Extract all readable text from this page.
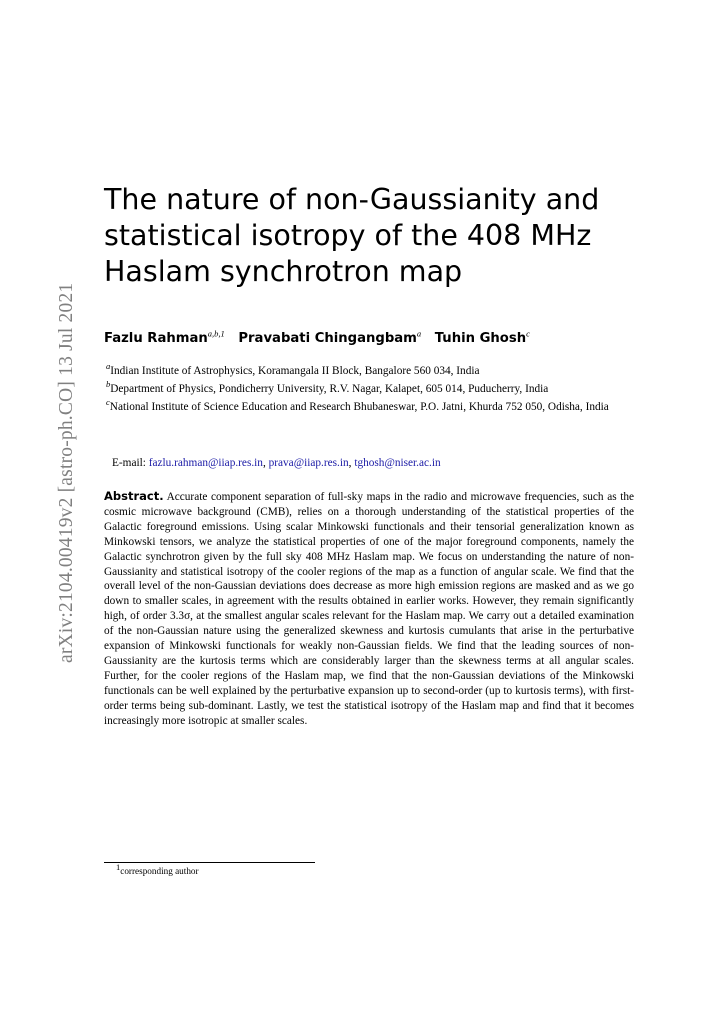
arXiv:2104.00419v2 [astro-ph.CO] 13 Jul 2021
The nature of non-Gaussianity and statistical isotropy of the 408 MHz Haslam synchrotron map
Fazlu Rahman$^{a,b,1}$ Pravabati Chingangbam$^a$ Tuhin Ghosh$^c$
$^a$Indian Institute of Astrophysics, Koramangala II Block, Bangalore 560 034, India
$^b$Department of Physics, Pondicherry University, R.V. Nagar, Kalapet, 605 014, Puducherry, India
$^c$National Institute of Science Education and Research Bhubaneswar, P.O. Jatni, Khurda 752 050, Odisha, India
E-mail: fazlu.rahman@iiap.res.in, prava@iiap.res.in, tghosh@niser.ac.in

Abstract. Accurate component separation of full-sky maps in the radio and microwave frequencies, such as the cosmic microwave background (CMB), relies on a thorough understanding of the statistical properties of the Galactic foreground emissions. Using scalar Minkowski functionals and their tensorial generalization known as Minkowski tensors, we analyze the statistical properties of one of the major foreground components, namely the Galactic synchrotron given by the full sky 408 MHz Haslam map. We focus on understanding the nature of non-Gaussianity and statistical isotropy of the cooler regions of the map as a function of angular scale. We find that the overall level of the non-Gaussian deviations does decrease as more high emission regions are masked and as we go down to smaller scales, in agreement with the results obtained in earlier works. However, they remain significantly high, of order 3.3σ, at the smallest angular scales relevant for the Haslam map. We carry out a detailed examination of the non-Gaussian nature using the generalized skewness and kurtosis cumulants that arise in the perturbative expansion of Minkowski functionals for weakly non-Gaussian fields. We find that the leading sources of non-Gaussianity are the kurtosis terms which are considerably larger than the skewness terms at all angular scales. Further, for the cooler regions of the Haslam map, we find that the non-Gaussian deviations of the Minkowski functionals can be well explained by the perturbative expansion up to second-order (up to kurtosis terms), with first-order terms being sub-dominant. Lastly, we test the statistical isotropy of the Haslam map and find that it becomes increasingly more isotropic at smaller scales.

$^1$corresponding author
